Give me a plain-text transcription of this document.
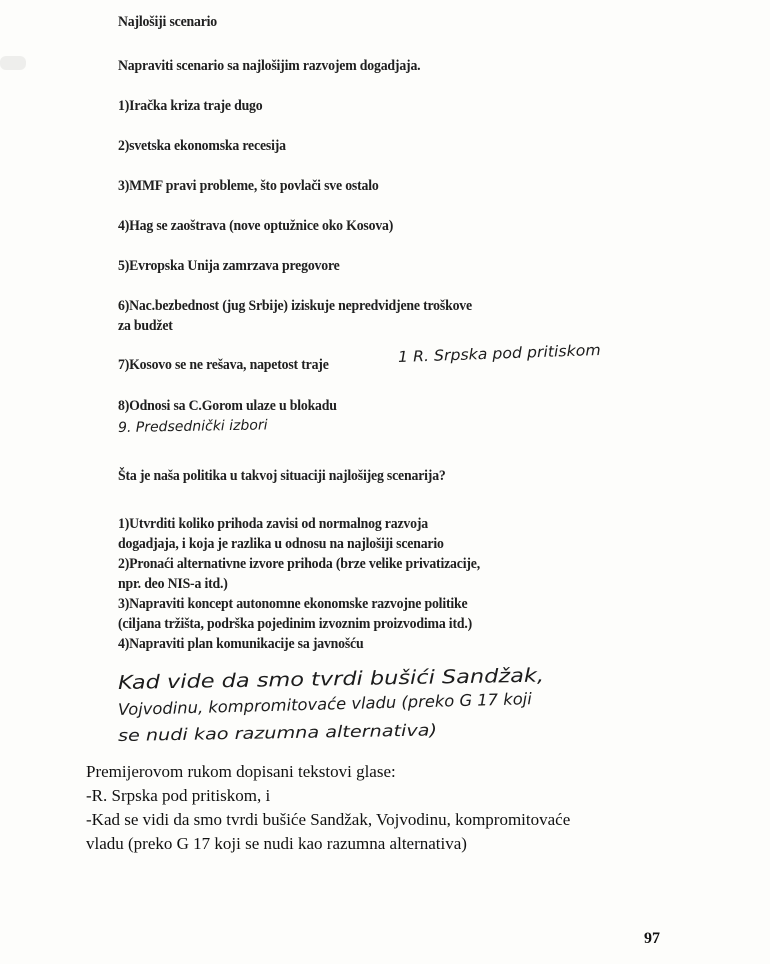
Najlošiji scenario
Napraviti scenario sa najlošijim razvojem dogadjaja.
1)Iračka kriza traje dugo
2)svetska ekonomska recesija
3)MMF pravi probleme, što povlači sve ostalo
4)Hag se zaoštrava (nove optužnice oko Kosova)
5)Evropska Unija zamrzava pregovore
6)Nac.bezbednost (jug Srbije) iziskuje nepredvidjene troškove
za budžet
7)Kosovo se ne rešava, napetost traje
8)Odnosi sa C.Gorom ulaze u blokadu
Šta je naša politika u takvoj situaciji najlošijeg scenarija?
1)Utvrditi koliko prihoda zavisi od normalnog razvoja
dogadjaja, i koja je razlika u odnosu na najlošiji scenario
2)Pronaći alternativne izvore prihoda (brze velike privatizacije,
npr. deo NIS-a itd.)
3)Napraviti koncept autonomne ekonomske razvojne politike
(ciljana tržišta, podrška pojedinim izvoznim proizvodima itd.)
4)Napraviti plan komunikacije sa javnošću
1 R. Srpska pod pritiskom
9. Predsednički izbori
Kad vide da smo tvrdi bušići Sandžak,
Vojvodinu, kompromitovaće vladu (preko G 17 koji
se nudi kao razumna alternativa)
Premijerovom rukom dopisani tekstovi glase:
-R. Srpska pod pritiskom, i
-Kad se vidi da smo tvrdi bušiće Sandžak, Vojvodinu, kompromitovaće
vladu (preko G 17 koji se nudi kao razumna alternativa)
97
